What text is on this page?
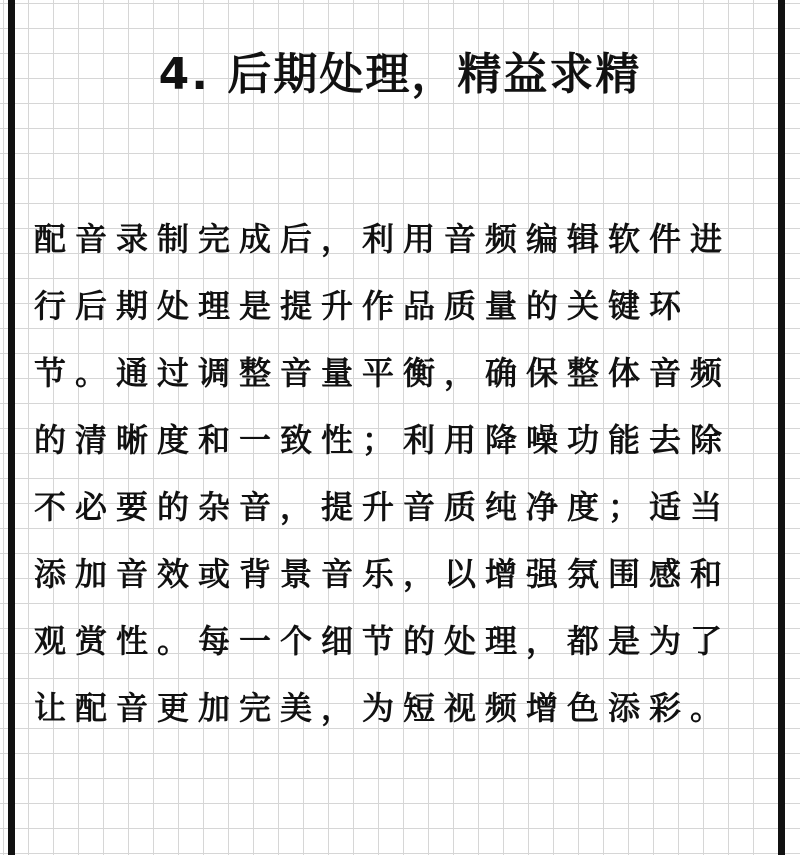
4. 后期处理，精益求精

配音录制完成后，利用音频编辑软件进行后期处理是提升作品质量的关键环节。通过调整音量平衡，确保整体音频的清晰度和一致性；利用降噪功能去除不必要的杂音，提升音质纯净度；适当添加音效或背景音乐，以增强氛围感和观赏性。每一个细节的处理，都是为了让配音更加完美，为短视频增色添彩。
